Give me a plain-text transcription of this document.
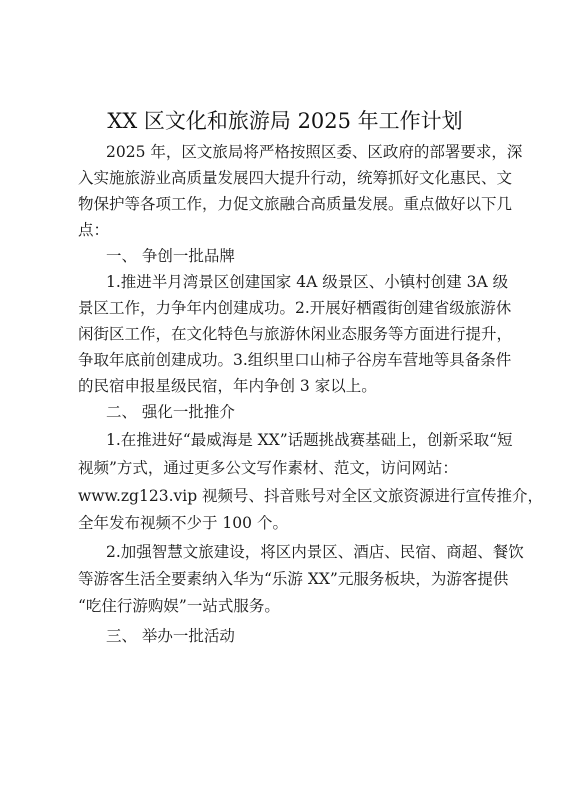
XX 区文化和旅游局 2025 年工作计划
2025 年，区文旅局将严格按照区委、区政府的部署要求，深
入实施旅游业高质量发展四大提升行动，统筹抓好文化惠民、文
物保护等各项工作，力促文旅融合高质量发展。重点做好以下几
点：
一、 争创一批品牌
1.推进半月湾景区创建国家 4A 级景区、小镇村创建 3A 级
景区工作，力争年内创建成功。2.开展好栖霞街创建省级旅游休
闲街区工作，在文化特色与旅游休闲业态服务等方面进行提升，
争取年底前创建成功。3.组织里口山柿子谷房车营地等具备条件
的民宿申报星级民宿，年内争创 3 家以上。
二、 强化一批推介
1.在推进好“最威海是 XX”话题挑战赛基础上，创新采取“短
视频”方式，通过更多公文写作素材、范文，访问网站：
www.zg123.vip 视频号、抖音账号对全区文旅资源进行宣传推介，
全年发布视频不少于 100 个。
2.加强智慧文旅建设，将区内景区、酒店、民宿、商超、餐饮
等游客生活全要素纳入华为“乐游 XX”元服务板块，为游客提供
“吃住行游购娱”一站式服务。
三、 举办一批活动
